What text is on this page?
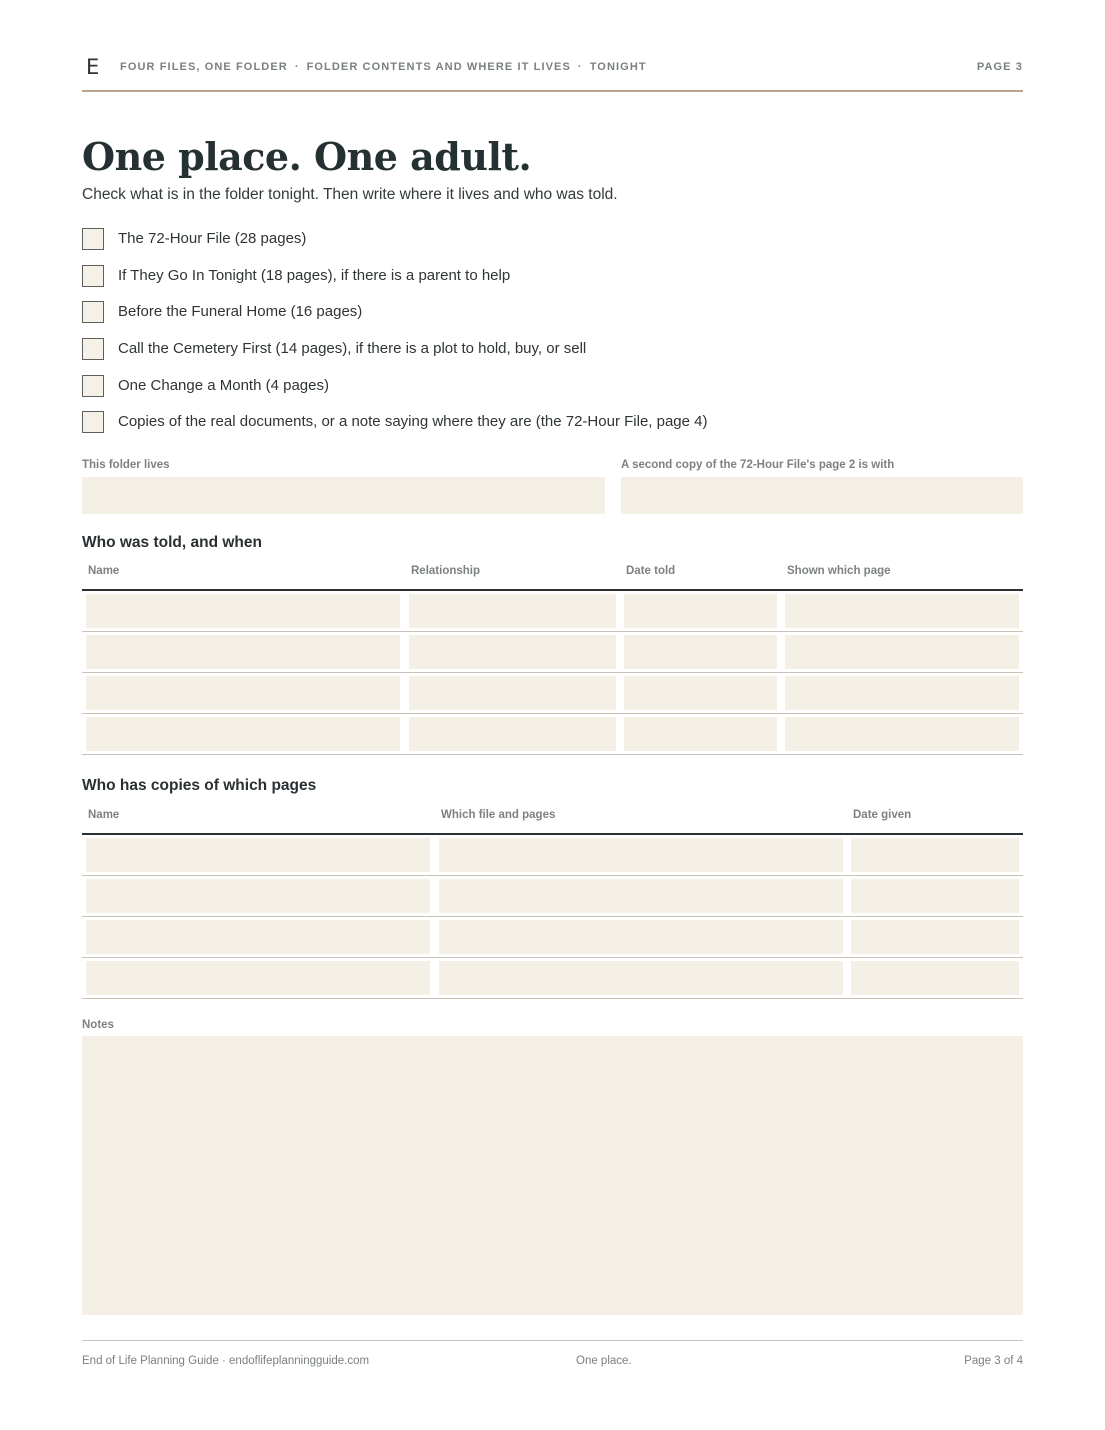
E FOUR FILES, ONE FOLDER · FOLDER CONTENTS AND WHERE IT LIVES · TONIGHT	PAGE 3
One place. One adult.
Check what is in the folder tonight. Then write where it lives and who was told.
The 72-Hour File (28 pages)
If They Go In Tonight (18 pages), if there is a parent to help
Before the Funeral Home (16 pages)
Call the Cemetery First (14 pages), if there is a plot to hold, buy, or sell
One Change a Month (4 pages)
Copies of the real documents, or a note saying where they are (the 72-Hour File, page 4)
This folder lives	A second copy of the 72-Hour File's page 2 is with
Who was told, and when
Name	Relationship	Date told	Shown which page
Who has copies of which pages
Name	Which file and pages	Date given
Notes
End of Life Planning Guide · endoflifeplanningguide.com	One place.	Page 3 of 4
